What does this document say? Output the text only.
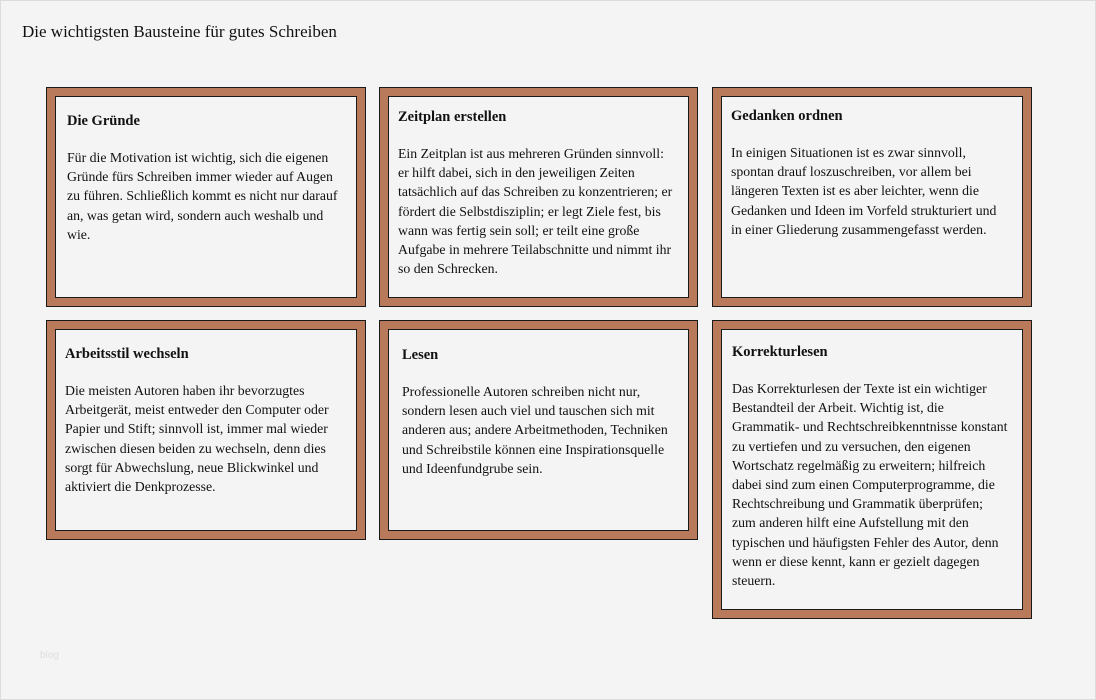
Die wichtigsten Bausteine für gutes Schreiben

Die Gründe

Für die Motivation ist wichtig, sich die eigenen Gründe fürs Schreiben immer wieder auf Augen zu führen. Schließlich kommt es nicht nur darauf an, was getan wird, sondern auch weshalb und wie.

Zeitplan erstellen

Ein Zeitplan ist aus mehreren Gründen sinnvoll: er hilft dabei, sich in den jeweiligen Zeiten tatsächlich auf das Schreiben zu konzentrieren; er fördert die Selbstdisziplin; er legt Ziele fest, bis wann was fertig sein soll; er teilt eine große Aufgabe in mehrere Teilabschnitte und nimmt ihr so den Schrecken.

Gedanken ordnen

In einigen Situationen ist es zwar sinnvoll, spontan drauf loszuschreiben, vor allem bei längeren Texten ist es aber leichter, wenn die Gedanken und Ideen im Vorfeld strukturiert und in einer Gliederung zusammengefasst werden.

Arbeitsstil wechseln

Die meisten Autoren haben ihr bevorzugtes Arbeitgerät, meist entweder den Computer oder Papier und Stift; sinnvoll ist, immer mal wieder zwischen diesen beiden zu wechseln, denn dies sorgt für Abwechslung, neue Blickwinkel und aktiviert die Denkprozesse.

Lesen

Professionelle Autoren schreiben nicht nur, sondern lesen auch viel und tauschen sich mit anderen aus; andere Arbeitmethoden, Techniken und Schreibstile können eine Inspirationsquelle und Ideenfundgrube sein.

Korrekturlesen

Das Korrekturlesen der Texte ist ein wichtiger Bestandteil der Arbeit. Wichtig ist, die Grammatik- und Rechtschreibkenntnisse konstant zu vertiefen und zu versuchen, den eigenen Wortschatz regelmäßig zu erweitern; hilfreich dabei sind zum einen Computerprogramme, die Rechtschreibung und Grammatik überprüfen; zum anderen hilft eine Aufstellung mit den typischen und häufigsten Fehler des Autor, denn wenn er diese kennt, kann er gezielt dagegen steuern.

blog
